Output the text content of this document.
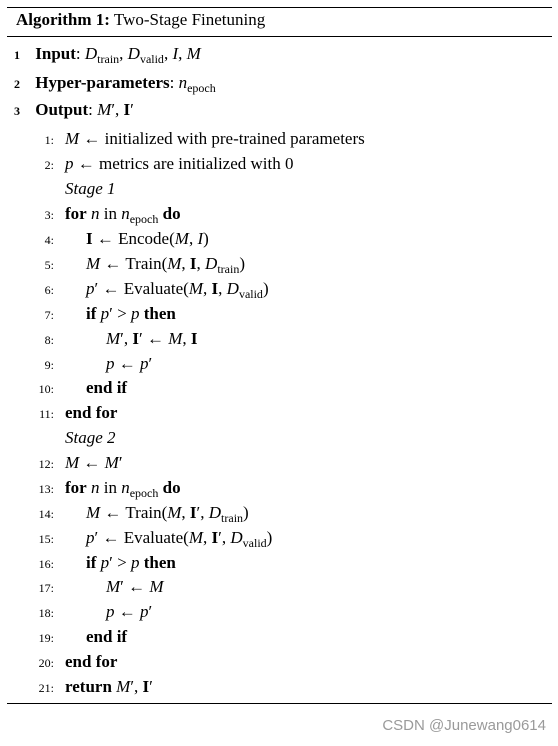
Algorithm 1: Two-Stage Finetuning
1 Input: $D_{train}$, $D_{valid}$, I, M
2 Hyper-parameters: $n_{epoch}$
3 Output: M′, I′
1: M ← initialized with pre-trained parameters
2: p ← metrics are initialized with 0
Stage 1
3: for n in $n_{epoch}$ do
4: I ← Encode(M, I)
5: M ← Train(M, I, $D_{train}$)
6: p′ ← Evaluate(M, I, $D_{valid}$)
7: if p′ > p then
8:	M′, I′ ← M, I
9:	p ← p′
10: end if
11: end for
Stage 2
12: M ← M′
13: for n in $n_{epoch}$ do
14: M ← Train(M, I′, $D_{train}$)
15: p′ ← Evaluate(M, I′, $D_{valid}$)
16: if p′ > p then
17:	M′ ← M
18:	p ← p′
19: end if
20: end for
21: return M′, I′
CSDN @Junewang0614
